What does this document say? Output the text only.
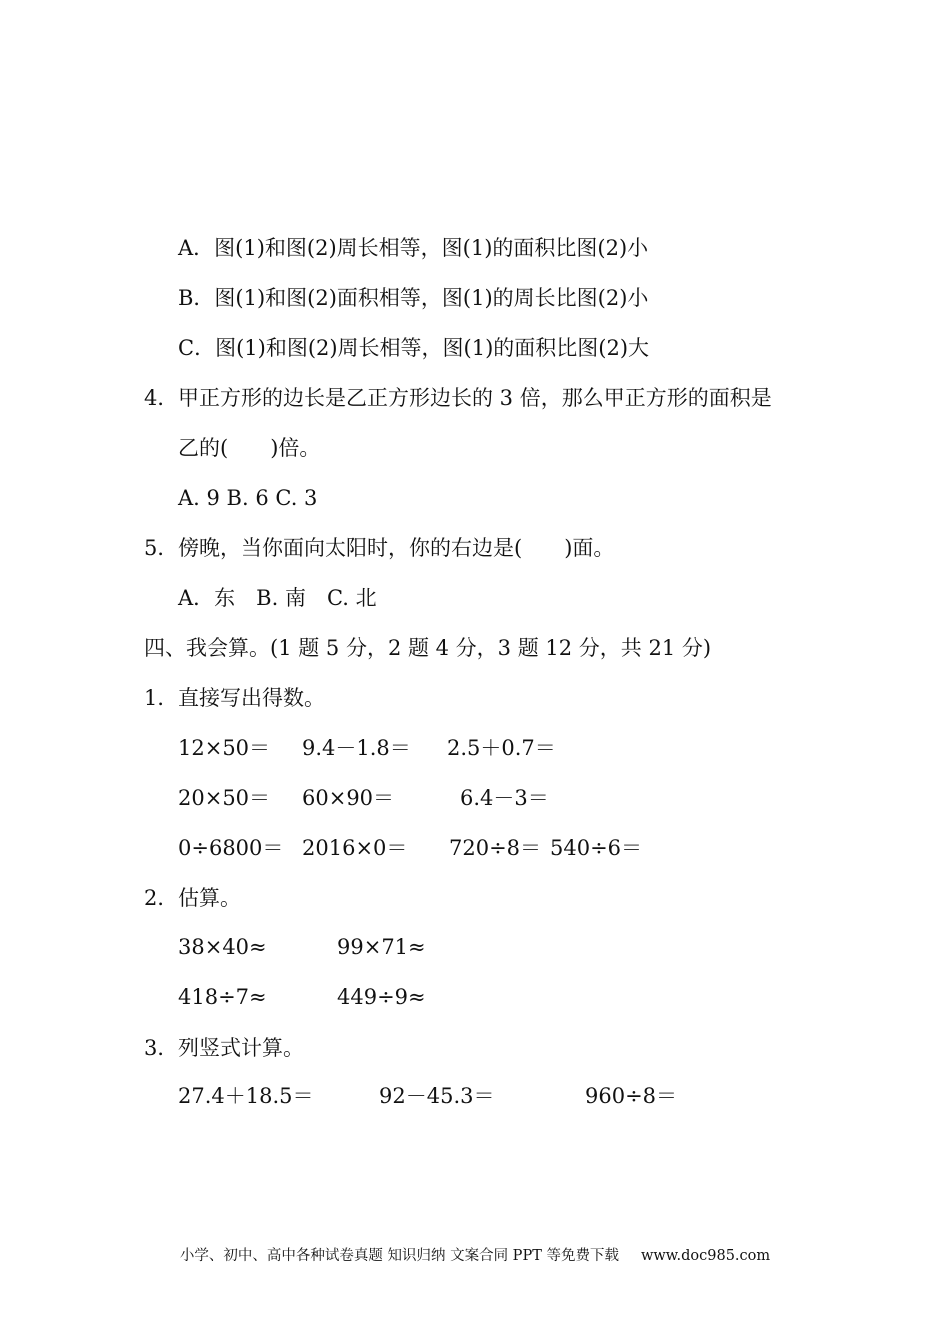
A．图(1)和图(2)周长相等，图(1)的面积比图(2)小

B．图(1)和图(2)面积相等，图(1)的周长比图(2)小

C．图(1)和图(2)周长相等，图(1)的面积比图(2)大

4． 甲正方形的边长是乙正方形边长的 3 倍，那么甲正方形的面积是

乙的(　　)倍。

A. 9 B. 6 C. 3

5． 傍晚，当你面向太阳时，你的右边是(　　)面。

A．东　B. 南　C. 北

四、我会算。(1 题 5 分，2 题 4 分，3 题 12 分，共 21 分)

1． 直接写出得数。
12×50＝ 9.4－1.8＝ 2.5＋0.7＝
20×50＝ 60×90＝	6.4－3＝
0÷6800＝ 2016×0＝ 720÷8＝ 540÷6＝
2． 估算。
38×40≈	99×71≈
418÷7≈	449÷9≈
3． 列竖式计算。
27.4＋18.5＝	92－45.3＝	960÷8＝
小学、初中、高中各种试卷真题 知识归纳 文案合同 PPT 等免费下载 www.doc985.com
